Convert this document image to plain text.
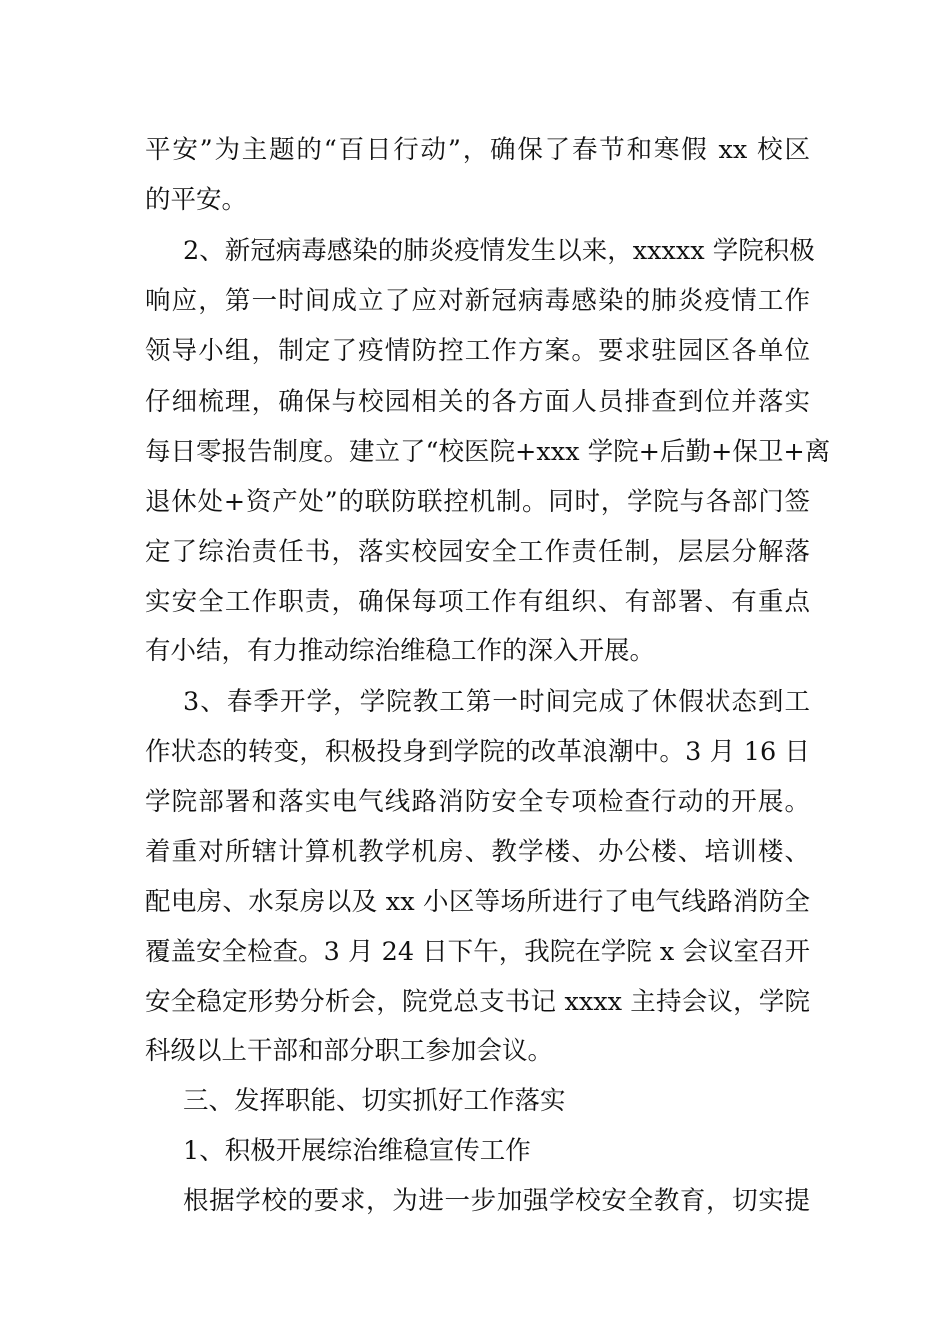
平安”为主题的“百日行动”，确保了春节和寒假 xx 校区
的平安。
2、新冠病毒感染的肺炎疫情发生以来，xxxxx 学院积极
响应，第一时间成立了应对新冠病毒感染的肺炎疫情工作
领导小组，制定了疫情防控工作方案。要求驻园区各单位
仔细梳理，确保与校园相关的各方面人员排查到位并落实
每日零报告制度。建立了“校医院+xxx 学院+后勤+保卫+离
退休处+资产处”的联防联控机制。同时，学院与各部门签
定了综治责任书，落实校园安全工作责任制，层层分解落
实安全工作职责，确保每项工作有组织、有部署、有重点
有小结，有力推动综治维稳工作的深入开展。
3、春季开学，学院教工第一时间完成了休假状态到工
作状态的转变，积极投身到学院的改革浪潮中。3 月 16 日
学院部署和落实电气线路消防安全专项检查行动的开展。
着重对所辖计算机教学机房、教学楼、办公楼、培训楼、
配电房、水泵房以及 xx 小区等场所进行了电气线路消防全
覆盖安全检查。3 月 24 日下午，我院在学院 x 会议室召开
安全稳定形势分析会，院党总支书记 xxxx 主持会议，学院
科级以上干部和部分职工参加会议。
三、发挥职能、切实抓好工作落实
1、积极开展综治维稳宣传工作
根据学校的要求，为进一步加强学校安全教育，切实提
